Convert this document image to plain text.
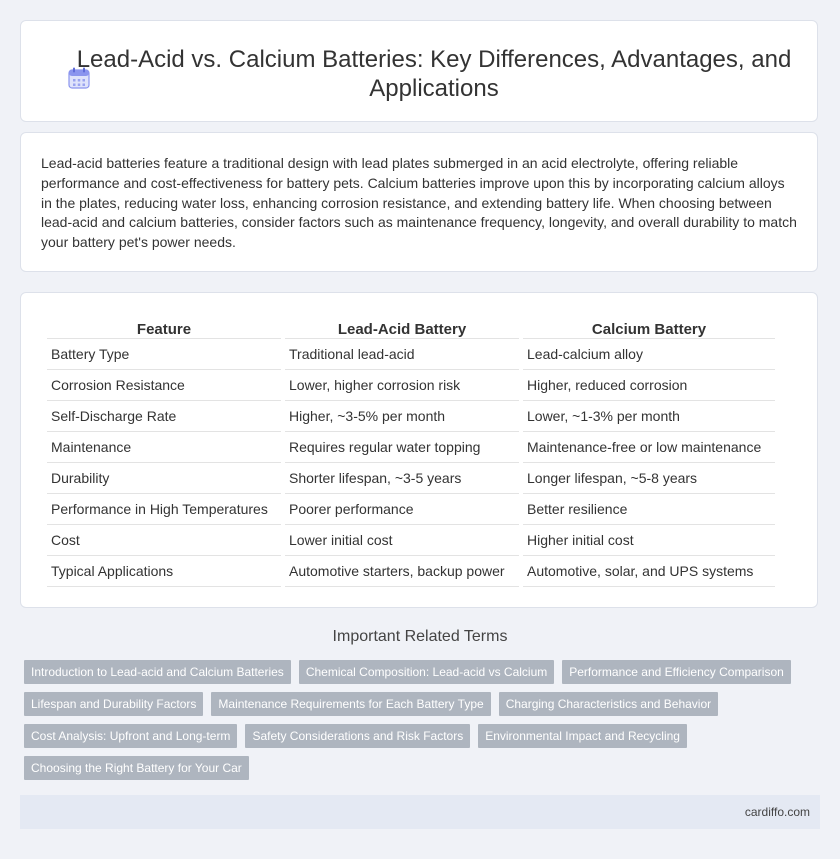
Lead-Acid vs. Calcium Batteries: Key Differences, Advantages, and Applications

Lead-acid batteries feature a traditional design with lead plates submerged in an acid electrolyte, offering reliable performance and cost-effectiveness for battery pets. Calcium batteries improve upon this by incorporating calcium alloys in the plates, reducing water loss, enhancing corrosion resistance, and extending battery life. When choosing between lead-acid and calcium batteries, consider factors such as maintenance frequency, longevity, and overall durability to match your battery pet's power needs.

Feature	Lead-Acid Battery	Calcium Battery
Battery Type	Traditional lead-acid	Lead-calcium alloy
Corrosion Resistance	Lower, higher corrosion risk	Higher, reduced corrosion
Self-Discharge Rate	Higher, ~3-5% per month	Lower, ~1-3% per month
Maintenance	Requires regular water topping	Maintenance-free or low maintenance
Durability	Shorter lifespan, ~3-5 years	Longer lifespan, ~5-8 years
Performance in High Temperatures	Poorer performance	Better resilience
Cost	Lower initial cost	Higher initial cost
Typical Applications	Automotive starters, backup power	Automotive, solar, and UPS systems
Important Related Terms
Introduction to Lead-acid and Calcium Batteries	Chemical Composition: Lead-acid vs Calcium	Performance and Efficiency Comparison
Lifespan and Durability Factors	Maintenance Requirements for Each Battery Type	Charging Characteristics and Behavior
Cost Analysis: Upfront and Long-term	Safety Considerations and Risk Factors	Environmental Impact and Recycling
Choosing the Right Battery for Your Car
cardiffo.com
